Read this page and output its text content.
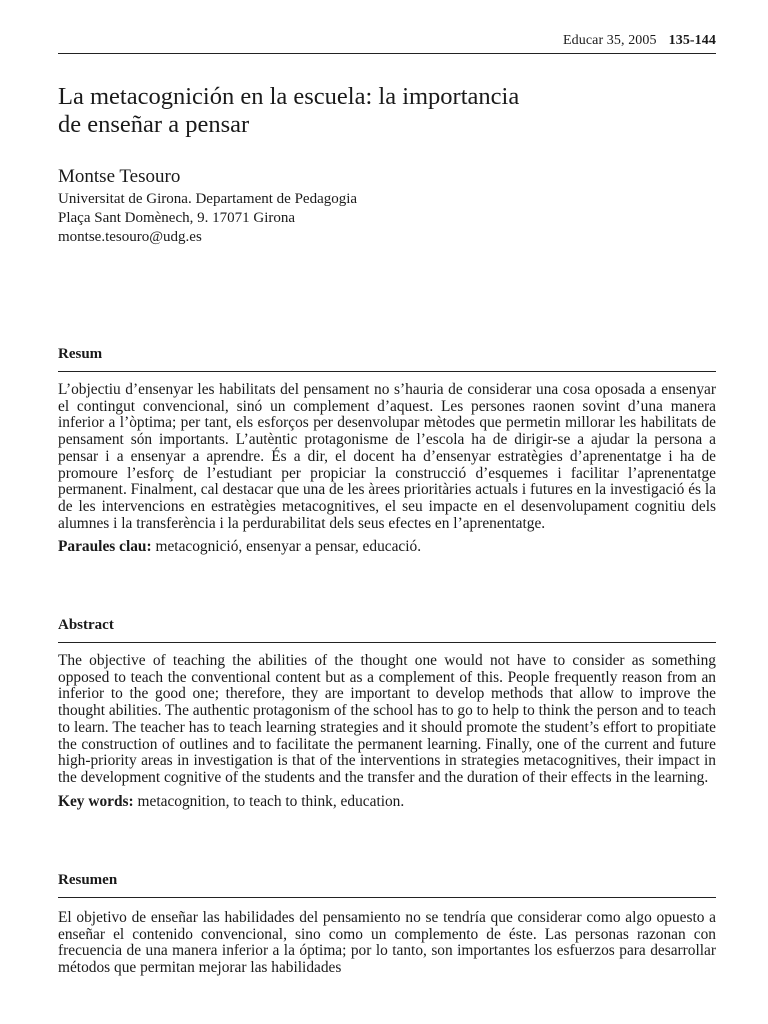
Educar 35, 2005 135-144
La metacognición en la escuela: la importancia
de enseñar a pensar
Montse Tesouro
Universitat de Girona. Departament de Pedagogia
Plaça Sant Domènech, 9. 17071 Girona
montse.tesouro@udg.es
Resum
L’objectiu d’ensenyar les habilitats del pensament no s’hauria de considerar una cosa oposada a ensenyar el contingut convencional, sinó un complement d’aquest. Les persones raonen sovint d’una manera inferior a l’òptima; per tant, els esforços per desenvolupar mètodes que permetin millorar les habilitats de pensament són importants. L’autèntic protagonisme de l’escola ha de dirigir-se a ajudar la persona a pensar i a ensenyar a aprendre. És a dir, el docent ha d’ensenyar estratègies d’aprenentatge i ha de promoure l’esforç de l’estudiant per propiciar la construcció d’esquemes i facilitar l’aprenentatge permanent. Finalment, cal destacar que una de les àrees prioritàries actuals i futures en la investigació és la de les intervencions en estratègies metacognitives, el seu impacte en el desenvolupament cognitiu dels alumnes i la transferència i la perdurabilitat dels seus efectes en l’aprenentatge.
Paraules clau: metacognició, ensenyar a pensar, educació.
Abstract
The objective of teaching the abilities of the thought one would not have to consider as something opposed to teach the conventional content but as a complement of this. People frequently reason from an inferior to the good one; therefore, they are important to develop methods that allow to improve the thought abilities. The authentic protagonism of the school has to go to help to think the person and to teach to learn. The teacher has to teach learning strategies and it should promote the student’s effort to propitiate the construction of outlines and to facilitate the permanent learning. Finally, one of the current and future high-priority areas in investigation is that of the interventions in strategies metacognitives, their impact in the development cognitive of the students and the transfer and the duration of their effects in the learning.
Key words: metacognition, to teach to think, education.
Resumen
El objetivo de enseñar las habilidades del pensamiento no se tendría que considerar como algo opuesto a enseñar el contenido convencional, sino como un complemento de éste. Las personas razonan con frecuencia de una manera inferior a la óptima; por lo tanto, son importantes los esfuerzos para desarrollar métodos que permitan mejorar las habilidades
